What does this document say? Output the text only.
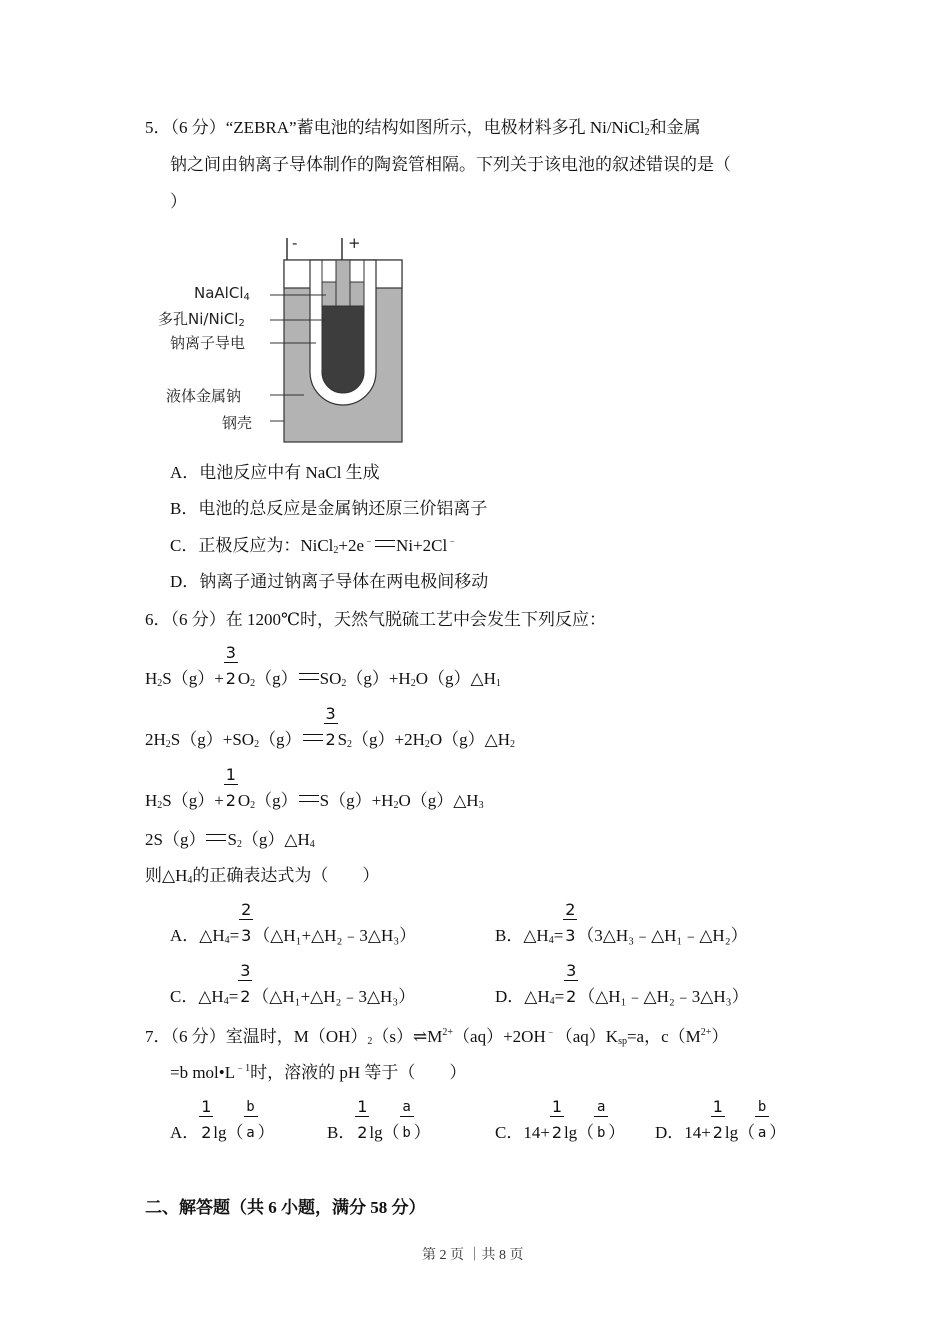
5．（6 分）“ZEBRA”蓄电池的结构如图所示，电极材料多孔 Ni/NiCl$_2$和金属
钠之间由钠离子导体制作的陶瓷管相隔。下列关于该电池的叙述错误的是（
）
-	+
NaAlCl$_4$
多孔Ni/NiCl$_2$
钠离子导电
液体金属钠
钢壳
A．电池反应中有 NaCl 生成
B．电池的总反应是金属钠还原三价铝离子
C．正极反应为：NiCl$_2$+2e﹣ Ni+2Cl﹣
D．钠离子通过钠离子导体在两电极间移动
6．（6 分）在 1200℃时，天然气脱硫工艺中会发生下列反应：
$H_2S(g)+ \frac{3}{2} O_2(g)$ $SO_2(g)+H_2O(g)\triangle H_1$
$2H_2S(g)+SO_2(g) \frac{3}{2}$ $S_2(g)+2H_2O(g)\triangle H_2$
$H_2S(g)+ \frac{1}{2} O_2(g)$ $S(g)+H_2O(g)\triangle H_3$
2S（g） $S_2(g)\triangle H_4$
则$\triangle H_4$的正确表达式为（　　）
A．$\triangle H_4= \frac{2}{3}$ （△H₁+△H₂﹣3△H₃）	B．$\triangle H_4= \frac{2}{3}$ （3△H₃﹣△H₁﹣△H₂）
C．$\triangle H_4= \frac{3}{2}$ （△H₁+△H₂﹣3△H₃）	D．$\triangle H_4= \frac{3}{2}$ （△H₁﹣△H₂﹣3△H₃）
7．（6 分）室温时，$M(OH)_2(s)\rightleftharpoons M^{2+}(aq)+2OH^﹣(aq)K_{sp}=a$，$c(M^{2+})$
=b $mol•L^{﹣1}$时，溶液的 pH 等于（　　）
A． $\frac{1}{2} \lg( \frac{b}{a}$ ）	B． $\frac{1}{2} \lg( \frac{a}{b}$ ）	C．$14+ \frac{1}{2} \lg( \frac{a}{b}$ ） D．$14+ \frac{1}{2} \lg( \frac{b}{a}$ ）
二、解答题（共 6 小题，满分 58 分）
第 2 页 ｜共 8 页
